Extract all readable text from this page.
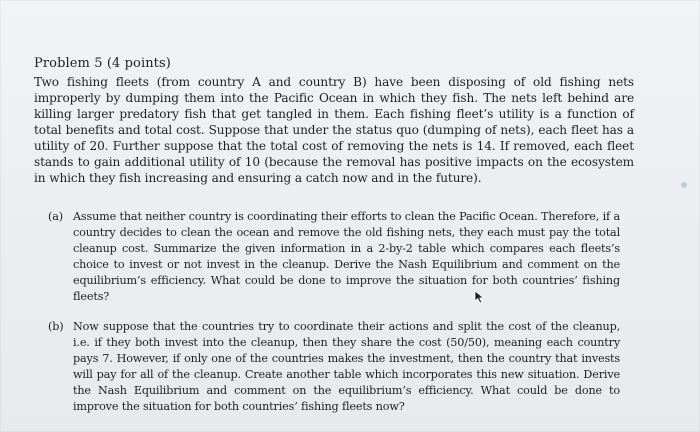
Problem 5 (4 points)

Two fishing fleets (from country A and country B) have been disposing of old fishing nets improperly by dumping them into the Pacific Ocean in which they fish. The nets left behind are killing larger predatory fish that get tangled in them. Each fishing fleet’s utility is a function of total benefits and total cost. Suppose that under the status quo (dumping of nets), each fleet has a utility of 20. Further suppose that the total cost of removing the nets is 14. If removed, each fleet stands to gain additional utility of 10 (because the removal has positive impacts on the ecosystem in which they fish increasing and ensuring a catch now and in the future).

(a) Assume that neither country is coordinating their efforts to clean the Pacific Ocean. Therefore, if a country decides to clean the ocean and remove the old fishing nets, they each must pay the total cleanup cost. Summarize the given information in a 2-by-2 table which compares each fleets’s choice to invest or not invest in the cleanup. Derive the Nash Equilibrium and comment on the equilibrium’s efficiency. What could be done to improve the situation for both countries’ fishing fleets?
(b) Now suppose that the countries try to coordinate their actions and split the cost of the cleanup, i.e. if they both invest into the cleanup, then they share the cost (50/50), meaning each country pays 7. However, if only one of the countries makes the investment, then the country that invests will pay for all of the cleanup. Create another table which incorporates this new situation. Derive the Nash Equilibrium and comment on the equilibrium’s efficiency. What could be done to improve the situation for both countries’ fishing fleets now?
